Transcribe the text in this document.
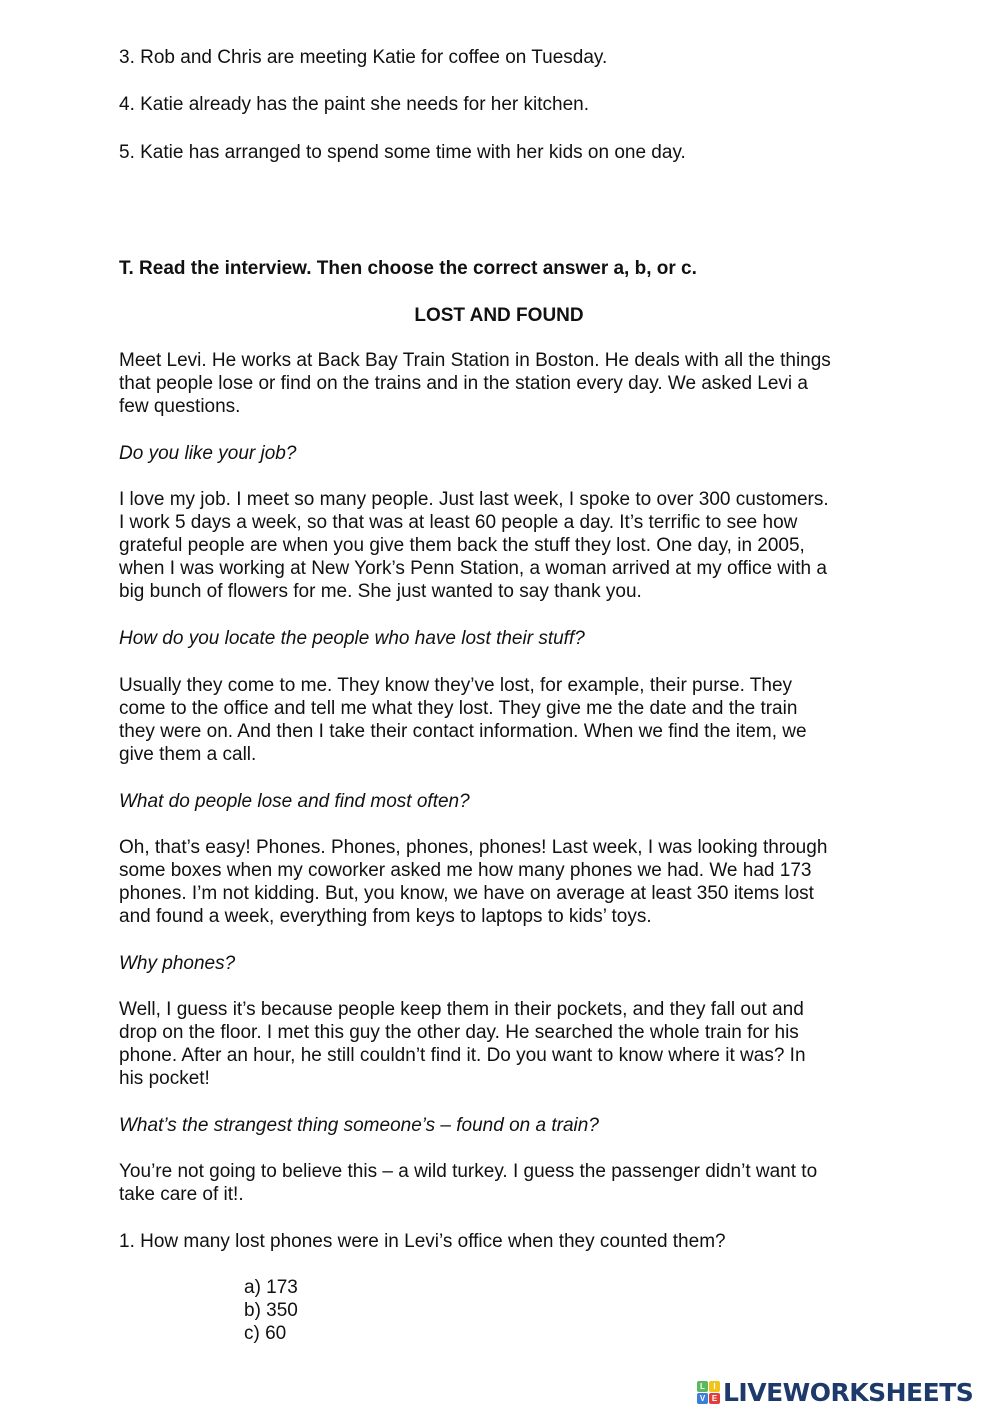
3. Rob and Chris are meeting Katie for coffee on Tuesday.
4. Katie already has the paint she needs for her kitchen.
5. Katie has arranged to spend some time with her kids on one day.
T. Read the interview. Then choose the correct answer a, b, or c.
LOST AND FOUND
Meet Levi. He works at Back Bay Train Station in Boston. He deals with all the things
that people lose or find on the trains and in the station every day. We asked Levi a
few questions.
Do you like your job?
I love my job. I meet so many people. Just last week, I spoke to over 300 customers.
I work 5 days a week, so that was at least 60 people a day. It’s terrific to see how
grateful people are when you give them back the stuff they lost. One day, in 2005,
when I was working at New York’s Penn Station, a woman arrived at my office with a
big bunch of flowers for me. She just wanted to say thank you.
How do you locate the people who have lost their stuff?
Usually they come to me. They know they’ve lost, for example, their purse. They
come to the office and tell me what they lost. They give me the date and the train
they were on. And then I take their contact information. When we find the item, we
give them a call.
What do people lose and find most often?
Oh, that’s easy! Phones. Phones, phones, phones! Last week, I was looking through
some boxes when my coworker asked me how many phones we had. We had 173
phones. I’m not kidding. But, you know, we have on average at least 350 items lost
and found a week, everything from keys to laptops to kids’ toys.
Why phones?
Well, I guess it’s because people keep them in their pockets, and they fall out and
drop on the floor. I met this guy the other day. He searched the whole train for his
phone. After an hour, he still couldn’t find it. Do you want to know where it was? In
his pocket!
What’s the strangest thing someone’s – found on a train?
You’re not going to believe this – a wild turkey. I guess the passenger didn’t want to
take care of it!.
1. How many lost phones were in Levi’s office when they counted them?
a) 173
b) 350
c) 60
L	I
V E LIVEWORKSHEETS
